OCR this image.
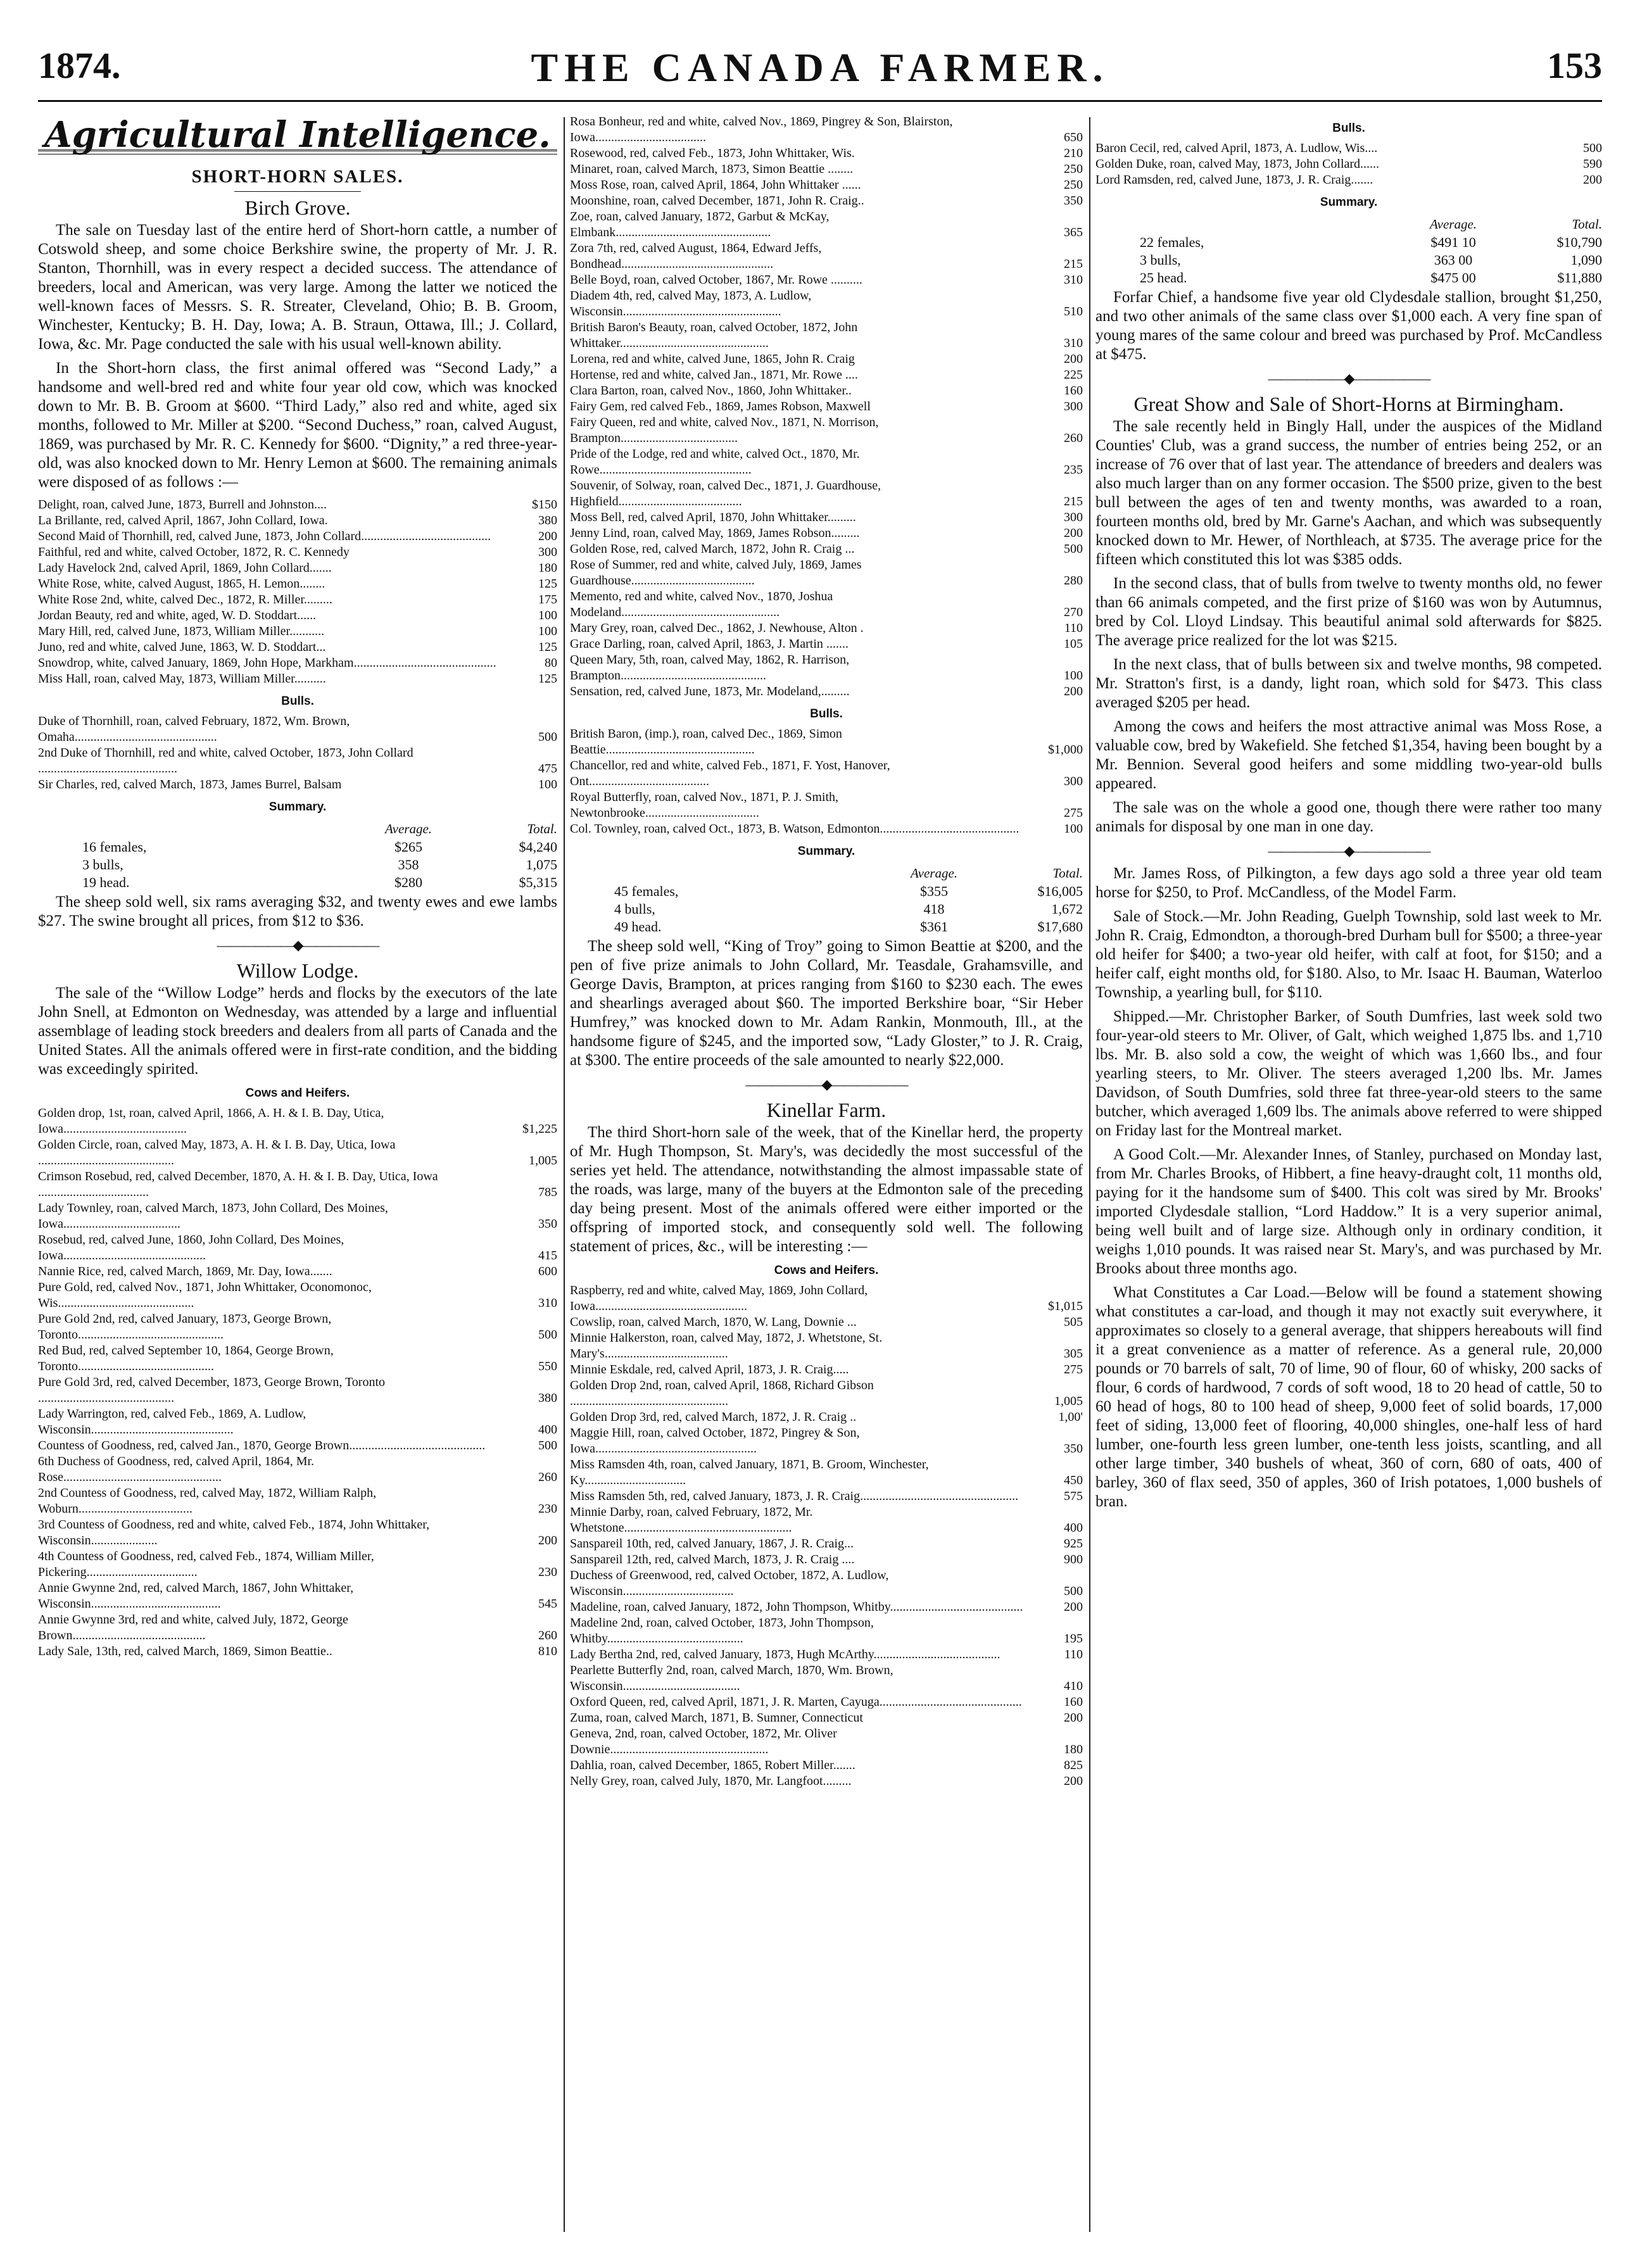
1874.	THE CANADA FARMER.	153
Agricultural Intelligence.
SHORT-HORN SALES.
Birch Grove.

The sale on Tuesday last of the entire herd of Short-horn cattle, a number of Cotswold sheep, and some choice Berkshire swine, the property of Mr. J. R. Stanton, Thornhill, was in every respect a decided success. The attendance of breeders, local and American, was very large. Among the latter we noticed the well-known faces of Messrs. S. R. Streater, Cleveland, Ohio; B. B. Groom, Winchester, Kentucky; B. H. Day, Iowa; A. B. Straun, Ottawa, Ill.; J. Collard, Iowa, &c. Mr. Page conducted the sale with his usual well-known ability.

In the Short-horn class, the first animal offered was “Second Lady,” a handsome and well-bred red and white four year old cow, which was knocked down to Mr. B. B. Groom at $600. “Third Lady,” also red and white, aged six months, followed to Mr. Miller at $200. “Second Duchess,” roan, calved August, 1869, was purchased by Mr. R. C. Kennedy for $600. “Dignity,” a red three-year-old, was also knocked down to Mr. Henry Lemon at $600. The remaining animals were disposed of as follows :—

Delight, roan, calved June, 1873, Burrell and Johnston....	$150
La Brillante, red, calved April, 1867, John Collard, Iowa.	380
Second Maid of Thornhill, red, calved June, 1873, John Collard.........................................	200
Faithful, red and white, calved October, 1872, R. C. Kennedy	300
Lady Havelock 2nd, calved April, 1869, John Collard.......	180
White Rose, white, calved August, 1865, H. Lemon........	125
White Rose 2nd, white, calved Dec., 1872, R. Miller.........	175
Jordan Beauty, red and white, aged, W. D. Stoddart......	100
Mary Hill, red, calved June, 1873, William Miller...........	100
Juno, red and white, calved June, 1863, W. D. Stoddart...	125
Snowdrop, white, calved January, 1869, John Hope, Markham.............................................	80
Miss Hall, roan, calved May, 1873, William Miller..........	125
Bulls.
Duke of Thornhill, roan, calved February, 1872, Wm. Brown, Omaha.............................................	500
2nd Duke of Thornhill, red and white, calved October, 1873, John Collard ............................................	475
Sir Charles, red, calved March, 1873, James Burrel, Balsam	100
Summary.
Average.	Total.
16 females,	$265	$4,240
3 bulls,	358	1,075
19 head.	$280	$5,315

The sheep sold well, six rams averaging $32, and twenty ewes and ewe lambs $27. The swine brought all prices, from $12 to $36.

——————◆——————
Willow Lodge.

The sale of the “Willow Lodge” herds and flocks by the executors of the late John Snell, at Edmonton on Wednesday, was attended by a large and influential assemblage of leading stock breeders and dealers from all parts of Canada and the United States. All the animals offered were in first-rate condition, and the bidding was exceedingly spirited.

Cows and Heifers.
Golden drop, 1st, roan, calved April, 1866, A. H. & I. B. Day, Utica, Iowa.......................................	$1,225
Golden Circle, roan, calved May, 1873, A. H. & I. B. Day, Utica, Iowa ...........................................	1,005
Crimson Rosebud, red, calved December, 1870, A. H. & I. B. Day, Utica, Iowa ...................................	785
Lady Townley, roan, calved March, 1873, John Collard, Des Moines, Iowa.....................................	350
Rosebud, red, calved June, 1860, John Collard, Des Moines, Iowa.............................................	415
Nannie Rice, red, calved March, 1869, Mr. Day, Iowa.......	600
Pure Gold, red, calved Nov., 1871, John Whittaker, Oconomonoc, Wis...........................................	310
Pure Gold 2nd, red, calved January, 1873, George Brown, Toronto..............................................	500
Red Bud, red, calved September 10, 1864, George Brown, Toronto...........................................	550
Pure Gold 3rd, red, calved December, 1873, George Brown, Toronto ...........................................	380
Lady Warrington, red, calved Feb., 1869, A. Ludlow, Wisconsin.............................................	400
Countess of Goodness, red, calved Jan., 1870, George Brown...........................................	500
6th Duchess of Goodness, red, calved April, 1864, Mr. Rose..................................................	260
2nd Countess of Goodness, red, calved May, 1872, William Ralph, Woburn....................................	230
3rd Countess of Goodness, red and white, calved Feb., 1874, John Whittaker, Wisconsin.....................	200
4th Countess of Goodness, red, calved Feb., 1874, William Miller, Pickering...................................	230
Annie Gwynne 2nd, red, calved March, 1867, John Whittaker, Wisconsin.........................................	545
Annie Gwynne 3rd, red and white, calved July, 1872, George Brown..........................................	260
Lady Sale, 13th, red, calved March, 1869, Simon Beattie..	810
Rosa Bonheur, red and white, calved Nov., 1869, Pingrey & Son, Blairston, Iowa...................................	650
Rosewood, red, calved Feb., 1873, John Whittaker, Wis.	210
Minaret, roan, calved March, 1873, Simon Beattie ........	250
Moss Rose, roan, calved April, 1864, John Whittaker ......	250
Moonshine, roan, calved December, 1871, John R. Craig..	350
Zoe, roan, calved January, 1872, Garbut & McKay, Elmbank.................................................	365
Zora 7th, red, calved August, 1864, Edward Jeffs, Bondhead................................................	215
Belle Boyd, roan, calved October, 1867, Mr. Rowe ..........	310
Diadem 4th, red, calved May, 1873, A. Ludlow, Wisconsin..................................................	510
British Baron's Beauty, roan, calved October, 1872, John Whittaker...............................................	310
Lorena, red and white, calved June, 1865, John R. Craig	200
Hortense, red and white, calved Jan., 1871, Mr. Rowe ....	225
Clara Barton, roan, calved Nov., 1860, John Whittaker..	160
Fairy Gem, red calved Feb., 1869, James Robson, Maxwell	300
Fairy Queen, red and white, calved Nov., 1871, N. Morrison, Brampton.....................................	260
Pride of the Lodge, red and white, calved Oct., 1870, Mr. Rowe................................................	235
Souvenir, of Solway, roan, calved Dec., 1871, J. Guardhouse, Highfield.......................................	215
Moss Bell, red, calved April, 1870, John Whittaker.........	300
Jenny Lind, roan, calved May, 1869, James Robson.........	200
Golden Rose, red, calved March, 1872, John R. Craig ...	500
Rose of Summer, red and white, calved July, 1869, James Guardhouse.......................................	280
Memento, red and white, calved Nov., 1870, Joshua Modeland..................................................	270
Mary Grey, roan, calved Dec., 1862, J. Newhouse, Alton .	110
Grace Darling, roan, calved April, 1863, J. Martin .......	105
Queen Mary, 5th, roan, calved May, 1862, R. Harrison, Brampton..............................................	100
Sensation, red, calved June, 1873, Mr. Modeland,.........	200
Bulls.
British Baron, (imp.), roan, calved Dec., 1869, Simon Beattie...............................................	$1,000
Chancellor, red and white, calved Feb., 1871, F. Yost, Hanover, Ont......................................	300
Royal Butterfly, roan, calved Nov., 1871, P. J. Smith, Newtonbrooke....................................	275
Col. Townley, roan, calved Oct., 1873, B. Watson, Edmonton............................................	100
Summary.
Average.	Total.
45 females,	$355	$16,005
4 bulls,	418	1,672
49 head.	$361	$17,680

The sheep sold well, “King of Troy” going to Simon Beattie at $200, and the pen of five prize animals to John Collard, Mr. Teasdale, Grahamsville, and George Davis, Brampton, at prices ranging from $160 to $230 each. The ewes and shearlings averaged about $60. The imported Berkshire boar, “Sir Heber Humfrey,” was knocked down to Mr. Adam Rankin, Monmouth, Ill., at the handsome figure of $245, and the imported sow, “Lady Gloster,” to J. R. Craig, at $300. The entire proceeds of the sale amounted to nearly $22,000.

——————◆——————
Kinellar Farm.

The third Short-horn sale of the week, that of the Kinellar herd, the property of Mr. Hugh Thompson, St. Mary's, was decidedly the most successful of the series yet held. The attendance, notwithstanding the almost impassable state of the roads, was large, many of the buyers at the Edmonton sale of the preceding day being present. Most of the animals offered were either imported or the offspring of imported stock, and consequently sold well. The following statement of prices, &c., will be interesting :—

Cows and Heifers.
Raspberry, red and white, calved May, 1869, John Collard, Iowa................................................	$1,015
Cowslip, roan, calved March, 1870, W. Lang, Downie ...	505
Minnie Halkerston, roan, calved May, 1872, J. Whetstone, St. Mary's.......................................	305
Minnie Eskdale, red, calved April, 1873, J. R. Craig.....	275
Golden Drop 2nd, roan, calved April, 1868, Richard Gibson ..................................................	1,005
Golden Drop 3rd, red, calved March, 1872, J. R. Craig ..	1,00'
Maggie Hill, roan, calved October, 1872, Pingrey & Son, Iowa...................................................	350
Miss Ramsden 4th, roan, calved January, 1871, B. Groom, Winchester, Ky................................	450
Miss Ramsden 5th, red, calved January, 1873, J. R. Craig..................................................	575
Minnie Darby, roan, calved February, 1872, Mr. Whetstone.....................................................	400
Sanspareil 10th, red, calved January, 1867, J. R. Craig...	925
Sanspareil 12th, red, calved March, 1873, J. R. Craig ....	900
Duchess of Greenwood, red, calved October, 1872, A. Ludlow, Wisconsin...................................	500
Madeline, roan, calved January, 1872, John Thompson, Whitby..........................................	200
Madeline 2nd, roan, calved October, 1873, John Thompson, Whitby...........................................	195
Lady Bertha 2nd, red, calved January, 1873, Hugh McArthy........................................	110
Pearlette Butterfly 2nd, roan, calved March, 1870, Wm. Brown, Wisconsin.....................................	410
Oxford Queen, red, calved April, 1871, J. R. Marten, Cayuga.............................................	160
Zuma, roan, calved March, 1871, B. Sumner, Connecticut	200
Geneva, 2nd, roan, calved October, 1872, Mr. Oliver Downie..................................................	180
Dahlia, roan, calved December, 1865, Robert Miller.......	825
Nelly Grey, roan, calved July, 1870, Mr. Langfoot.........	200
Bulls.
Baron Cecil, red, calved April, 1873, A. Ludlow, Wis....	500
Golden Duke, roan, calved May, 1873, John Collard......	590
Lord Ramsden, red, calved June, 1873, J. R. Craig.......	200
Summary.
Average.	Total.
22 females,	$491 10	$10,790
3 bulls,	363 00	1,090
25 head.	$475 00	$11,880

Forfar Chief, a handsome five year old Clydesdale stallion, brought $1,250, and two other animals of the same class over $1,000 each. A very fine span of young mares of the same colour and breed was purchased by Prof. McCandless at $475.

——————◆——————
Great Show and Sale of Short-Horns at Birmingham.

The sale recently held in Bingly Hall, under the auspices of the Midland Counties' Club, was a grand success, the number of entries being 252, or an increase of 76 over that of last year. The attendance of breeders and dealers was also much larger than on any former occasion. The $500 prize, given to the best bull between the ages of ten and twenty months, was awarded to a roan, fourteen months old, bred by Mr. Garne's Aachan, and which was subsequently knocked down to Mr. Hewer, of Northleach, at $735. The average price for the fifteen which constituted this lot was $385 odds.

In the second class, that of bulls from twelve to twenty months old, no fewer than 66 animals competed, and the first prize of $160 was won by Autumnus, bred by Col. Lloyd Lindsay. This beautiful animal sold afterwards for $825. The average price realized for the lot was $215.

In the next class, that of bulls between six and twelve months, 98 competed. Mr. Stratton's first, is a dandy, light roan, which sold for $473. This class averaged $205 per head.

Among the cows and heifers the most attractive animal was Moss Rose, a valuable cow, bred by Wakefield. She fetched $1,354, having been bought by a Mr. Bennion. Several good heifers and some middling two-year-old bulls appeared.

The sale was on the whole a good one, though there were rather too many animals for disposal by one man in one day.

——————◆——————

Mr. James Ross, of Pilkington, a few days ago sold a three year old team horse for $250, to Prof. McCandless, of the Model Farm.

Sale of Stock.—Mr. John Reading, Guelph Township, sold last week to Mr. John R. Craig, Edmondton, a thorough-bred Durham bull for $500; a three-year old heifer for $400; a two-year old heifer, with calf at foot, for $150; and a heifer calf, eight months old, for $180. Also, to Mr. Isaac H. Bauman, Waterloo Township, a yearling bull, for $110.

Shipped.—Mr. Christopher Barker, of South Dumfries, last week sold two four-year-old steers to Mr. Oliver, of Galt, which weighed 1,875 lbs. and 1,710 lbs. Mr. B. also sold a cow, the weight of which was 1,660 lbs., and four yearling steers, to Mr. Oliver. The steers averaged 1,200 lbs. Mr. James Davidson, of South Dumfries, sold three fat three-year-old steers to the same butcher, which averaged 1,609 lbs. The animals above referred to were shipped on Friday last for the Montreal market.

A Good Colt.—Mr. Alexander Innes, of Stanley, purchased on Monday last, from Mr. Charles Brooks, of Hibbert, a fine heavy-draught colt, 11 months old, paying for it the handsome sum of $400. This colt was sired by Mr. Brooks' imported Clydesdale stallion, “Lord Haddow.” It is a very superior animal, being well built and of large size. Although only in ordinary condition, it weighs 1,010 pounds. It was raised near St. Mary's, and was purchased by Mr. Brooks about three months ago.

What Constitutes a Car Load.—Below will be found a statement showing what constitutes a car-load, and though it may not exactly suit everywhere, it approximates so closely to a general average, that shippers hereabouts will find it a great convenience as a matter of reference. As a general rule, 20,000 pounds or 70 barrels of salt, 70 of lime, 90 of flour, 60 of whisky, 200 sacks of flour, 6 cords of hardwood, 7 cords of soft wood, 18 to 20 head of cattle, 50 to 60 head of hogs, 80 to 100 head of sheep, 9,000 feet of solid boards, 17,000 feet of siding, 13,000 feet of flooring, 40,000 shingles, one-half less of hard lumber, one-fourth less green lumber, one-tenth less joists, scantling, and all other large timber, 340 bushels of wheat, 360 of corn, 680 of oats, 400 of barley, 360 of flax seed, 350 of apples, 360 of Irish potatoes, 1,000 bushels of bran.
